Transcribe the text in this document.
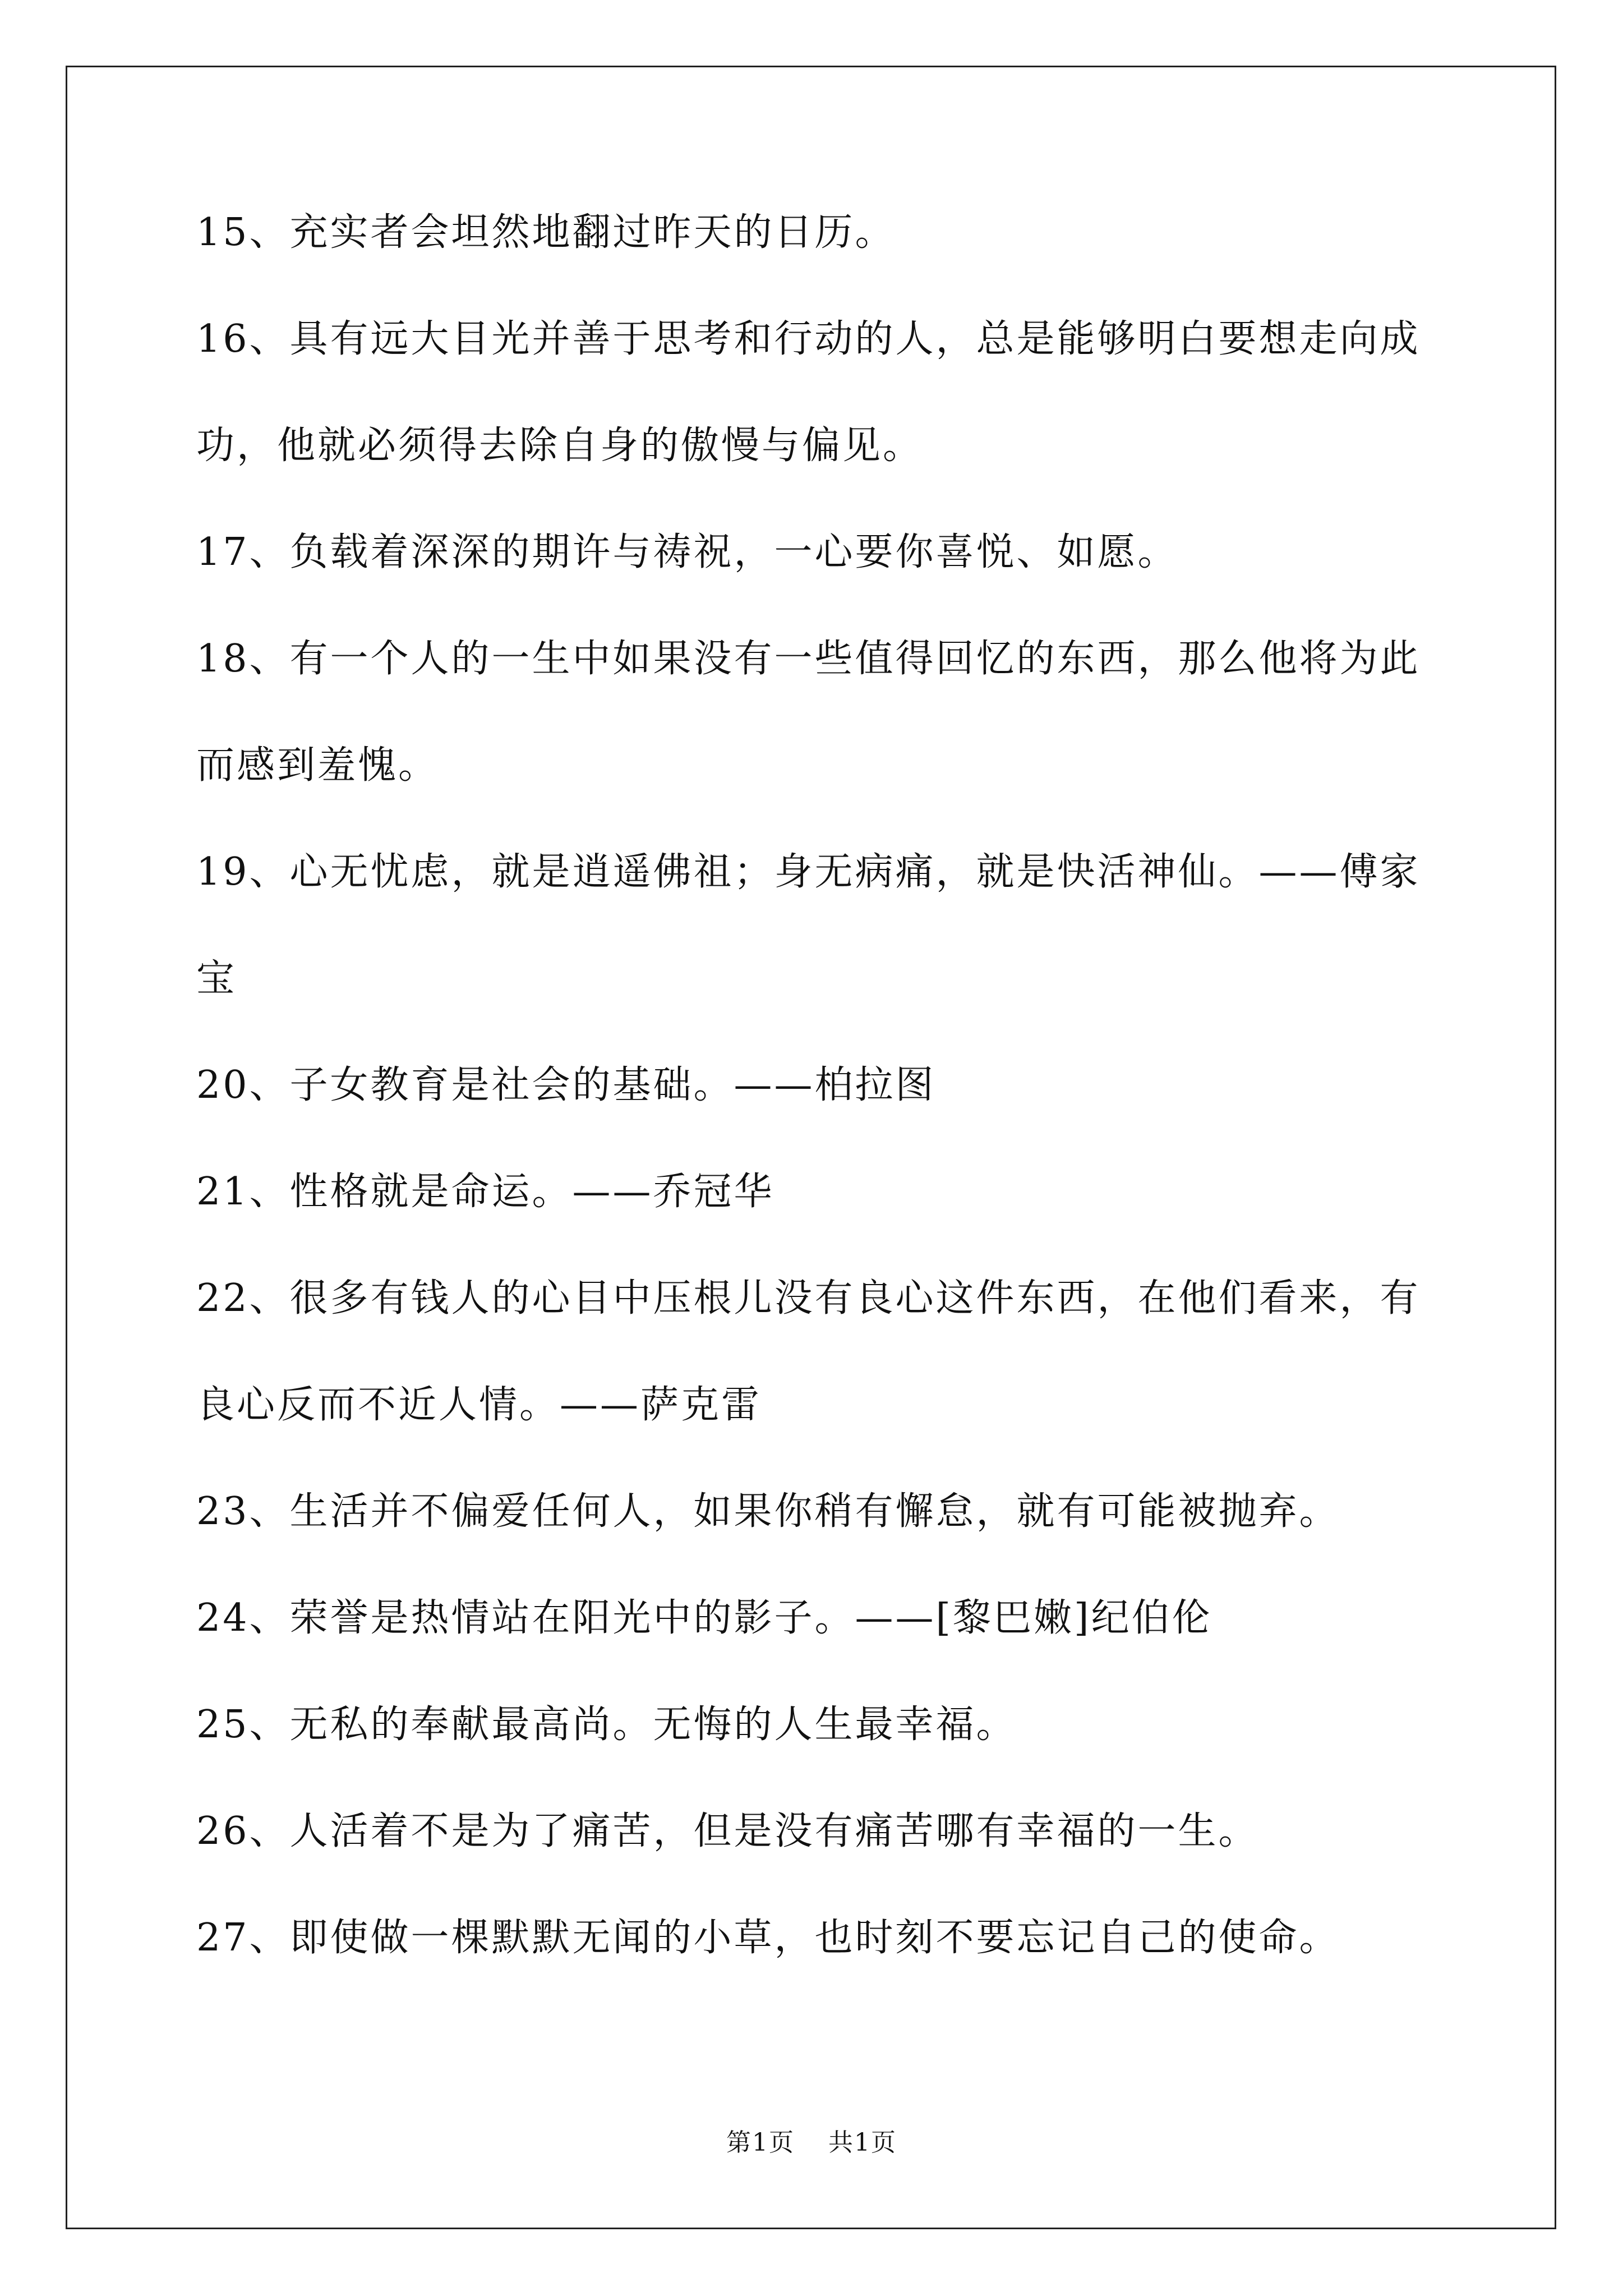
15、充实者会坦然地翻过昨天的日历。
16、具有远大目光并善于思考和行动的人，总是能够明白要想走向成
功，他就必须得去除自身的傲慢与偏见。
17、负载着深深的期许与祷祝，一心要你喜悦、如愿。
18、有一个人的一生中如果没有一些值得回忆的东西，那么他将为此
而感到羞愧。
19、心无忧虑，就是逍遥佛祖；身无病痛，就是快活神仙。——傅家
宝
20、子女教育是社会的基础。——柏拉图
21、性格就是命运。——乔冠华
22、很多有钱人的心目中压根儿没有良心这件东西，在他们看来，有
良心反而不近人情。——萨克雷
23、生活并不偏爱任何人，如果你稍有懈怠，就有可能被抛弃。
24、荣誉是热情站在阳光中的影子。——[黎巴嫩]纪伯伦
25、无私的奉献最高尚。无悔的人生最幸福。
26、人活着不是为了痛苦，但是没有痛苦哪有幸福的一生。
27、即使做一棵默默无闻的小草，也时刻不要忘记自己的使命。
第1页 共1页
